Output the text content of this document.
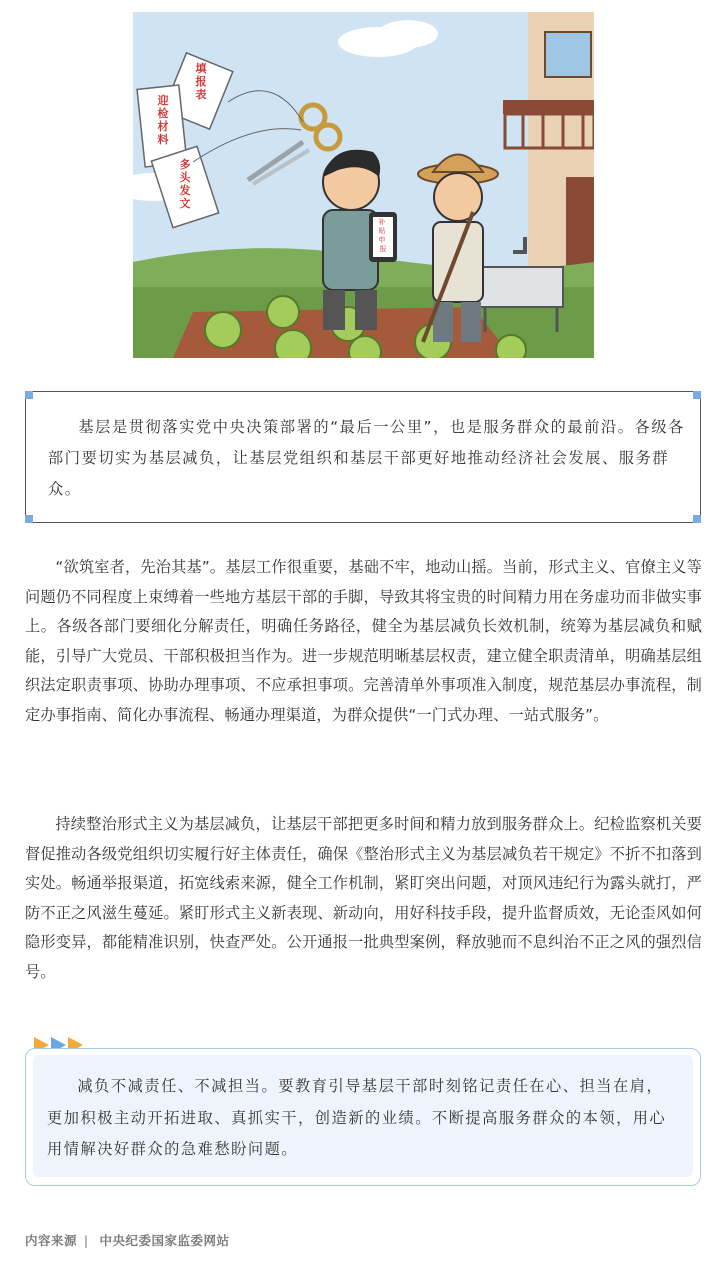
补 贴 申 报
填报表
迎检材料
多头发文

基层是贯彻落实党中央决策部署的“最后一公里”，也是服务群众的最前沿。各级各部门要切实为基层减负，让基层党组织和基层干部更好地推动经济社会发展、服务群众。

“欲筑室者，先治其基”。基层工作很重要，基础不牢，地动山摇。当前，形式主义、官僚主义等问题仍不同程度上束缚着一些地方基层干部的手脚，导致其将宝贵的时间精力用在务虚功而非做实事上。各级各部门要细化分解责任，明确任务路径，健全为基层减负长效机制，统筹为基层减负和赋能，引导广大党员、干部积极担当作为。进一步规范明晰基层权责，建立健全职责清单，明确基层组织法定职责事项、协助办理事项、不应承担事项。完善清单外事项准入制度，规范基层办事流程，制定办事指南、简化办事流程、畅通办理渠道，为群众提供“一门式办理、一站式服务”。

持续整治形式主义为基层减负，让基层干部把更多时间和精力放到服务群众上。纪检监察机关要督促推动各级党组织切实履行好主体责任，确保《整治形式主义为基层减负若干规定》不折不扣落到实处。畅通举报渠道，拓宽线索来源，健全工作机制，紧盯突出问题，对顶风违纪行为露头就打，严防不正之风滋生蔓延。紧盯形式主义新表现、新动向，用好科技手段，提升监督质效，无论歪风如何隐形变异，都能精准识别，快查严处。公开通报一批典型案例，释放驰而不息纠治不正之风的强烈信号。

减负不减责任、不减担当。要教育引导基层干部时刻铭记责任在心、担当在肩，更加积极主动开拓进取、真抓实干，创造新的业绩。不断提高服务群众的本领，用心用情解决好群众的急难愁盼问题。

内容来源 | 中央纪委国家监委网站
